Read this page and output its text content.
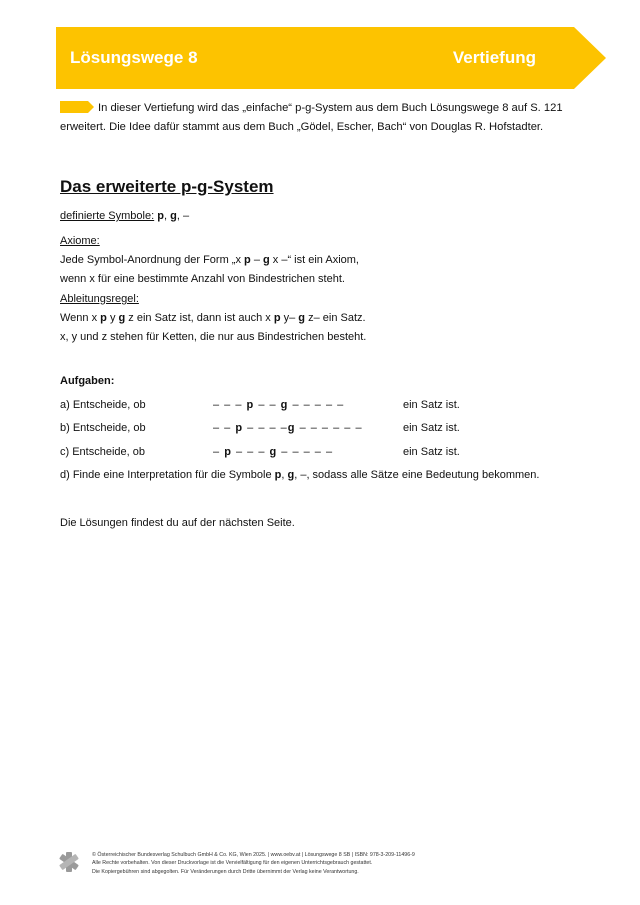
Lösungswege 8	Vertiefung
In dieser Vertiefung wird das „einfache“ p-g-System aus dem Buch Lösungswege 8 auf S. 121
erweitert. Die Idee dafür stammt aus dem Buch „Gödel, Escher, Bach“ von Douglas R. Hofstadter.
Das erweiterte p-g-System
definierte Symbole: p, g, –
Axiome:
Jede Symbol-Anordnung der Form „x p – g x –“ ist ein Axiom,
wenn x für eine bestimmte Anzahl von Bindestrichen steht.
Ableitungsregel:
Wenn x p y g z ein Satz ist, dann ist auch x p y– g z– ein Satz.
x, y und z stehen für Ketten, die nur aus Bindestrichen besteht.
Aufgaben:
a) Entscheide, ob	– – – p – – g – – – – –	ein Satz ist.
b) Entscheide, ob	– – p – – – –g – – – – – –	ein Satz ist.
c) Entscheide, ob	– p – – – g – – – – –	ein Satz ist.
d) Finde eine Interpretation für die Symbole p, g, –, sodass alle Sätze eine Bedeutung bekommen.
Die Lösungen findest du auf der nächsten Seite.
© Österreichischer Bundesverlag Schulbuch GmbH & Co. KG, Wien 2025. | www.oebv.at | Lösungswege 8 SB | ISBN: 978-3-209-11496-9
Alle Rechte vorbehalten. Von dieser Druckvorlage ist die Vervielfältigung für den eigenen Unterrichtsgebrauch gestattet.
Die Kopiergebühren sind abgegolten. Für Veränderungen durch Dritte übernimmt der Verlag keine Verantwortung.
